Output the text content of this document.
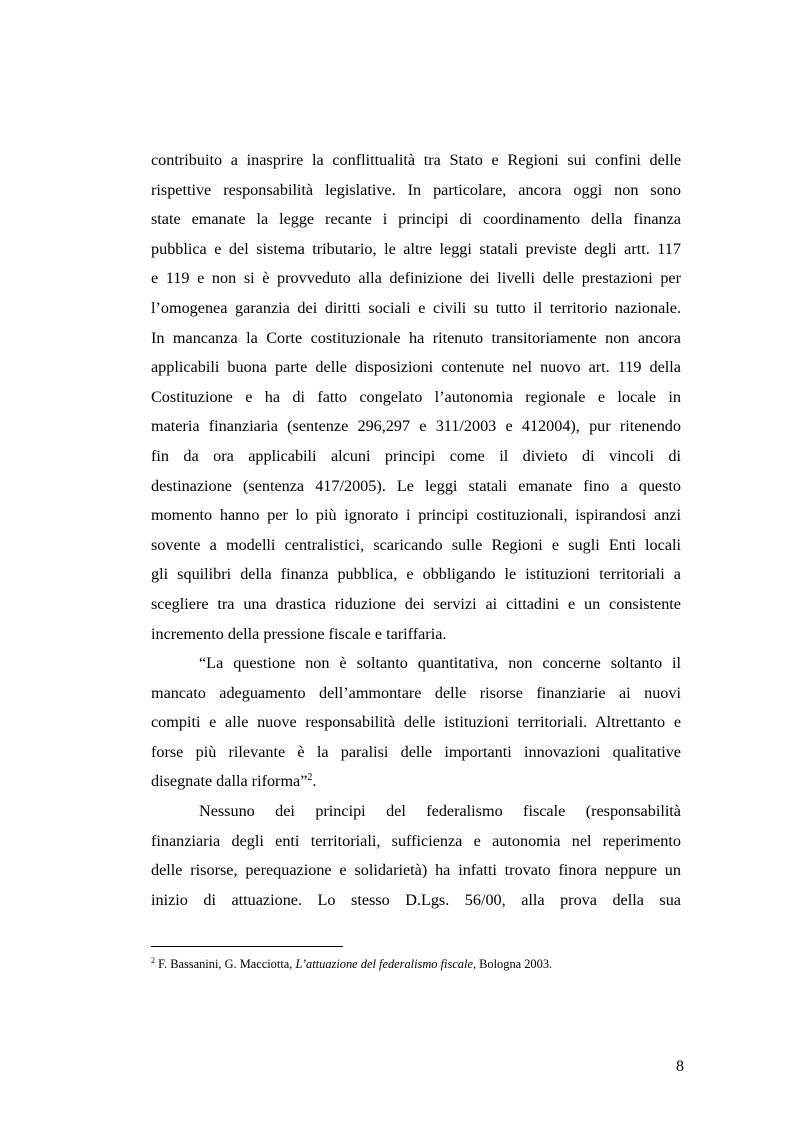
contribuito a inasprire la conflittualità tra Stato e Regioni sui confini delle
rispettive responsabilità legislative. In particolare, ancora oggi non sono
state emanate la legge recante i principi di coordinamento della finanza
pubblica e del sistema tributario, le altre leggi statali previste degli artt. 117
e 119 e non si è provveduto alla definizione dei livelli delle prestazioni per
l’omogenea garanzia dei diritti sociali e civili su tutto il territorio nazionale.
In mancanza la Corte costituzionale ha ritenuto transitoriamente non ancora
applicabili buona parte delle disposizioni contenute nel nuovo art. 119 della
Costituzione e ha di fatto congelato l’autonomia regionale e locale in
materia finanziaria (sentenze 296,297 e 311/2003 e 412004), pur ritenendo
fin da ora applicabili alcuni principi come il divieto di vincoli di
destinazione (sentenza 417/2005). Le leggi statali emanate fino a questo
momento hanno per lo più ignorato i principi costituzionali, ispirandosi anzi
sovente a modelli centralistici, scaricando sulle Regioni e sugli Enti locali
gli squilibri della finanza pubblica, e obbligando le istituzioni territoriali a
scegliere tra una drastica riduzione dei servizi ai cittadini e un consistente
incremento della pressione fiscale e tariffaria.
“La questione non è soltanto quantitativa, non concerne soltanto il
mancato adeguamento dell’ammontare delle risorse finanziarie ai nuovi
compiti e alle nuove responsabilità delle istituzioni territoriali. Altrettanto e
forse più rilevante è la paralisi delle importanti innovazioni qualitative
disegnate dalla riforma”$^2$.
Nessuno dei principi del federalismo fiscale (responsabilità
finanziaria degli enti territoriali, sufficienza e autonomia nel reperimento
delle risorse, perequazione e solidarietà) ha infatti trovato finora neppure un
inizio di attuazione. Lo stesso D.Lgs. 56/00, alla prova della sua
$^2$ F. Bassanini, G. Macciotta, L’attuazione del federalismo fiscale, Bologna 2003.
8
